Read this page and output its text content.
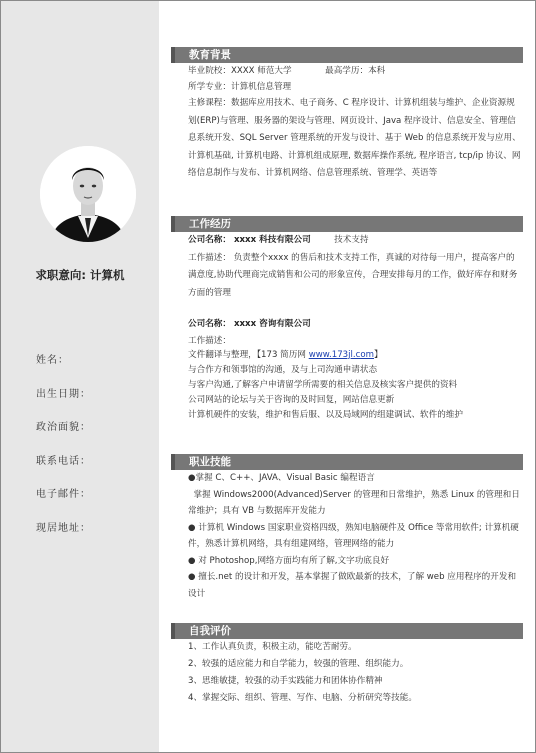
求职意向: 计算机
姓名：
出生日期：
政治面貌：
联系电话：
电子邮件：
现居地址：
教育背景
毕业院校：XXXX 师范大学	最高学历：本科
所学专业：计算机信息管理
主修课程：数据库应用技术、电子商务、C 程序设计、计算机组装与维护、企业资源规划(ERP)与管理、服务器的架设与管理、网页设计、Java 程序设计、信息安全、管理信息系统开发、SQL Server 管理系统的开发与设计、基于 Web 的信息系统开发与应用、计算机基础, 计算机电路、计算机组成原理, 数据库操作系统, 程序语言, tcp/ip 协议、网络信息制作与发布、计算机网络、信息管理系统、管理学、英语等
工作经历
公司名称： xxxx 科技有限公司	技术支持
工作描述： 负责整个xxxx 的售后和技术支持工作，真诚的对待每一用户，提高客户的满意度,协助代理商完成销售和公司的形象宣传，合理安排每月的工作，做好库存和财务方面的管理
公司名称： xxxx 咨询有限公司
工作描述：
文件翻译与整理，【173 简历网 www.173jl.com】
与合作方和领事馆的沟通，及与上司沟通申请状态
与客户沟通,了解客户申请留学所需要的相关信息及核实客户提供的资料
公司网站的论坛与关于咨询的及时回复，网站信息更新
计算机硬件的安装，维护和售后服、以及局域网的组建调试、软件的维护
职业技能
●掌握 C、C++、JAVA、Visual Basic 编程语言
掌握 Windows2000(Advanced)Server 的管理和日常维护，熟悉 Linux 的管理和日常维护；具有 VB 与数据库开发能力
● 计算机 Windows 国家职业资格四级，熟知电脑硬件及 Office 等常用软件; 计算机硬件，熟悉计算机网络，具有组建网络，管理网络的能力
● 对 Photoshop,网络方面均有所了解,文字功底良好
● 擅长.net 的设计和开发，基本掌握了做欧最新的技术，了解 web 应用程序的开发和设计
自我评价
1、工作认真负责，积极主动，能吃苦耐劳。
2、较强的适应能力和自学能力，较强的管理、组织能力。
3、思维敏捷，较强的动手实践能力和团体协作精神
4、掌握交际、组织、管理、写作、电脑、分析研究等技能。
